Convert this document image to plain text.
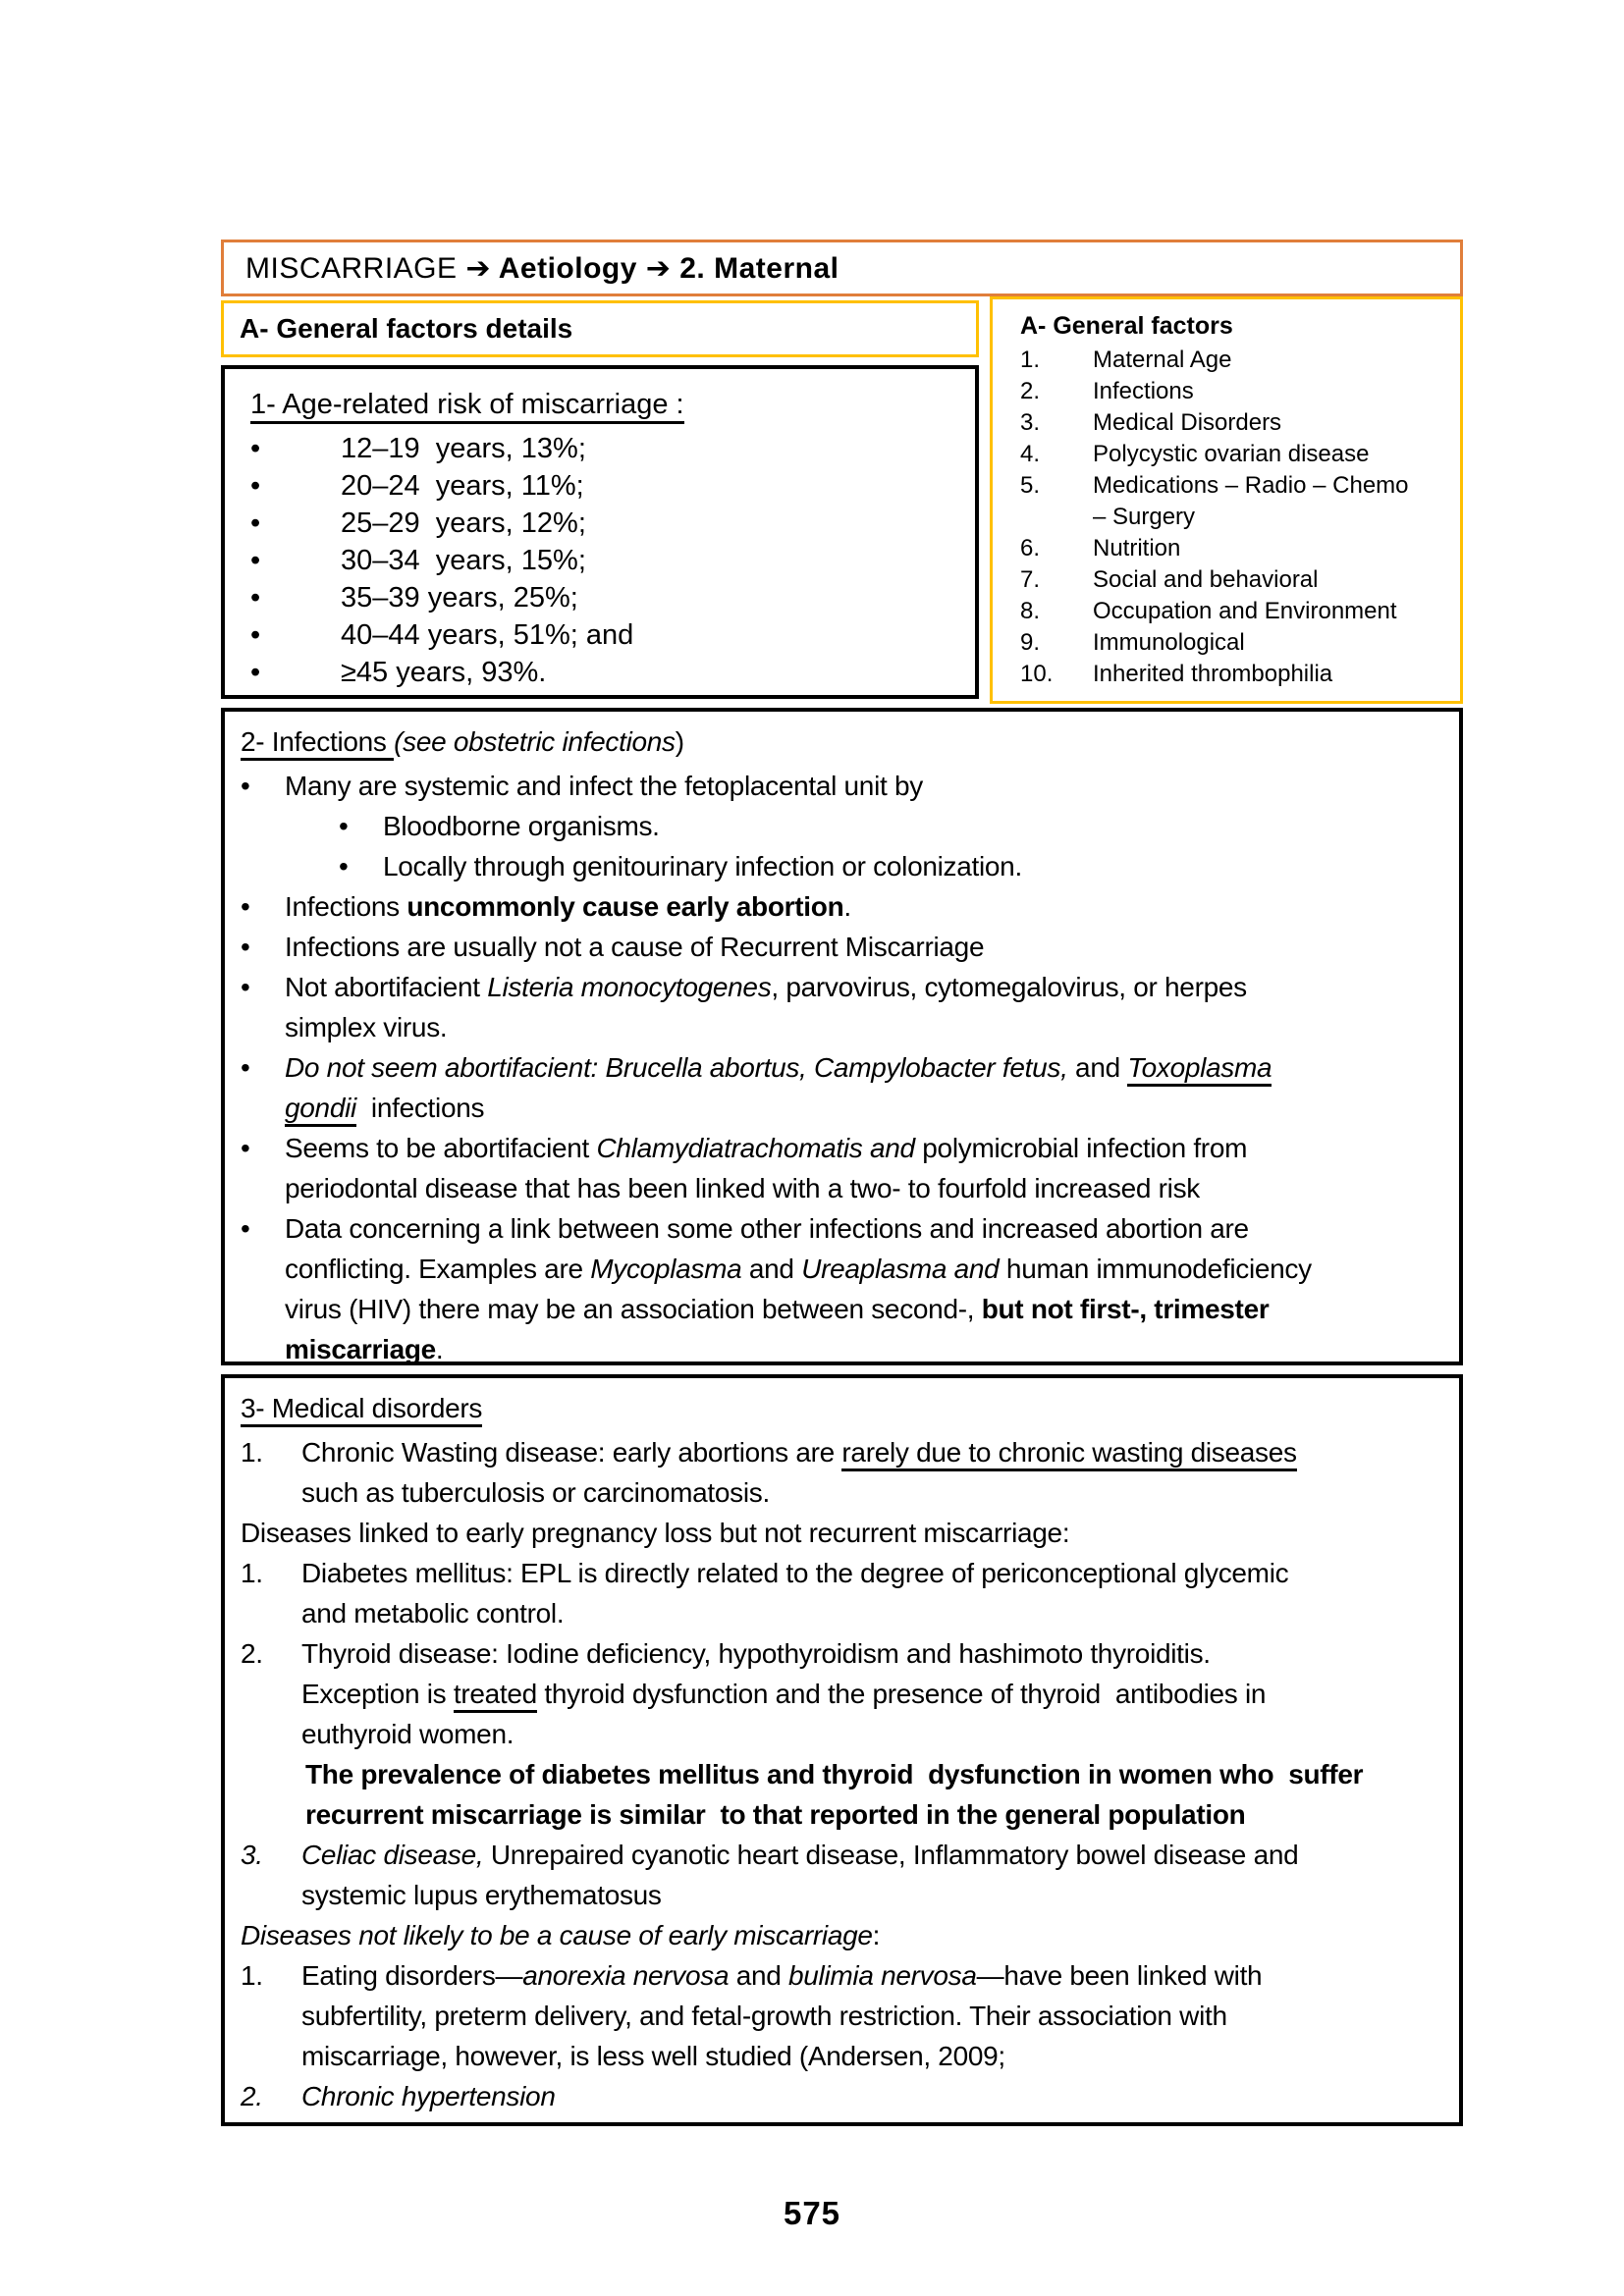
MISCARRIAGE ➔ Aetiology ➔ 2. Maternal
A- General factors details	A- General factors
1.	Maternal Age
2.	Infections
3.	Medical Disorders
4.	Polycystic ovarian disease
5.	Medications – Radio – Chemo
– Surgery
6.	Nutrition
7.	Social and behavioral
8.	Occupation and Environment
9.	Immunological
10.	Inherited thrombophilia
1- Age-related risk of miscarriage :
•	12–19  years, 13%;
•	20–24  years, 11%;
•	25–29  years, 12%;
•	30–34  years, 15%;
•	35–39 years, 25%;
•	40–44 years, 51%; and
•	≥45 years, 93%.
2- Infections (see obstetric infections)
•	Many are systemic and infect the fetoplacental unit by
•	Bloodborne organisms.
•	Locally through genitourinary infection or colonization.
•	Infections uncommonly cause early abortion.
•	Infections are usually not a cause of Recurrent Miscarriage
•	Not abortifacient Listeria monocytogenes, parvovirus, cytomegalovirus, or herpes
simplex virus.
•	Do not seem abortifacient: Brucella abortus, Campylobacter fetus, and Toxoplasma
gondii  infections
•	Seems to be abortifacient Chlamydiatrachomatis and polymicrobial infection from
periodontal disease that has been linked with a two- to fourfold increased risk
•	Data concerning a link between some other infections and increased abortion are
conflicting. Examples are Mycoplasma and Ureaplasma and human immunodeficiency
virus (HIV) there may be an association between second-, but not first-, trimester
miscarriage.
3- Medical disorders
1.	Chronic Wasting disease: early abortions are rarely due to chronic wasting diseases
such as tuberculosis or carcinomatosis.
Diseases linked to early pregnancy loss but not recurrent miscarriage:
1.	Diabetes mellitus: EPL is directly related to the degree of periconceptional glycemic
and metabolic control.
2.	Thyroid disease: Iodine deficiency, hypothyroidism and hashimoto thyroiditis.
Exception is treated thyroid dysfunction and the presence of thyroid  antibodies in
euthyroid women.
The prevalence of diabetes mellitus and thyroid  dysfunction in women who  suffer
recurrent miscarriage is similar  to that reported in the general population
3.	Celiac disease, Unrepaired cyanotic heart disease, Inflammatory bowel disease and
systemic lupus erythematosus
Diseases not likely to be a cause of early miscarriage:
1.	Eating disorders—anorexia nervosa and bulimia nervosa—have been linked with
subfertility, preterm delivery, and fetal-growth restriction. Their association with
miscarriage, however, is less well studied (Andersen, 2009;
2.	Chronic hypertension
575
